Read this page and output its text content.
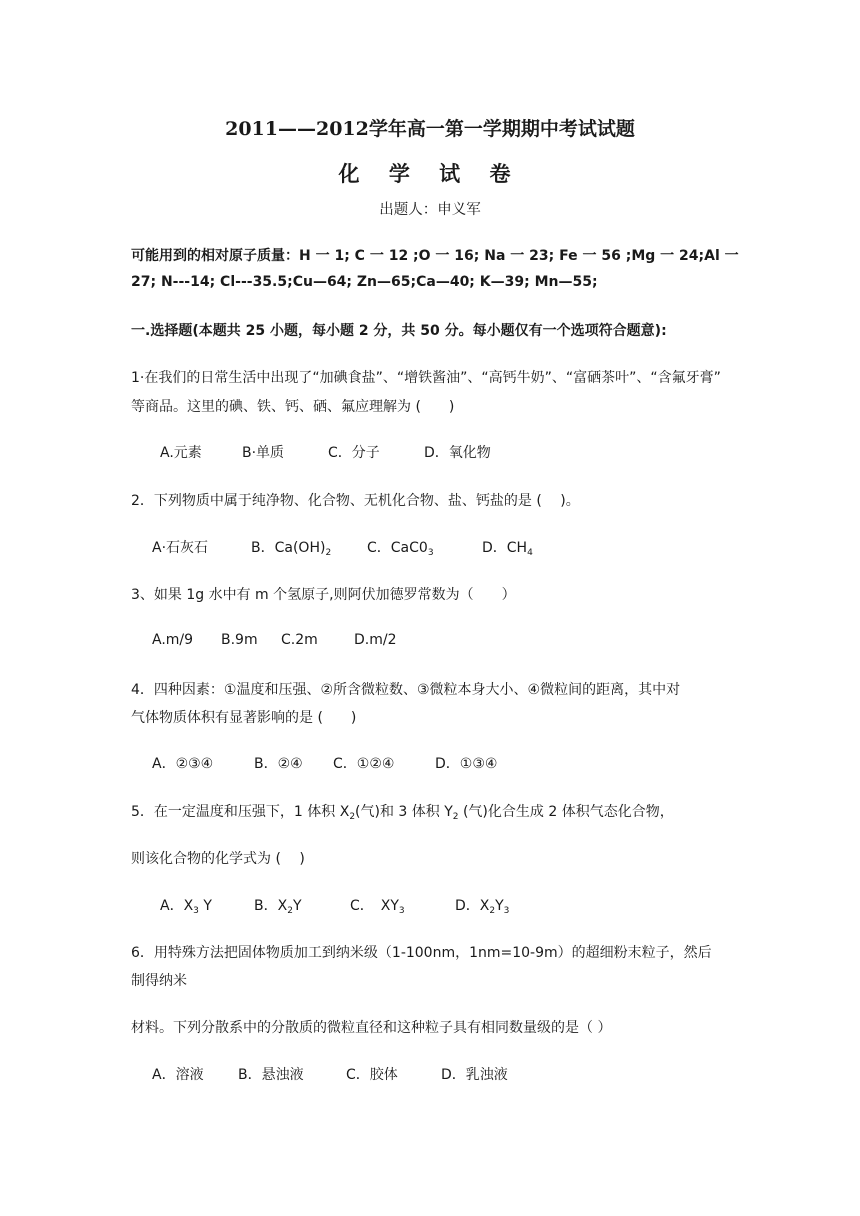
2011——2012学年高一第一学期期中考试试题
化 学 试 卷
出题人：申义军
可能用到的相对原子质量：H 一 1; C 一 12 ;O 一 16; Na 一 23; Fe 一 56 ;Mg 一 24;Al 一
27; N---14; Cl---35.5;Cu—64; Zn—65;Ca—40; K—39; Mn—55;
一.选择题(本题共 25 小题，每小题 2 分，共 50 分。每小题仅有一个选项符合题意):
1·在我们的日常生活中出现了“加碘食盐”、“增铁酱油”、“高钙牛奶”、“富硒茶叶”、“含氟牙膏”
等商品。这里的碘、铁、钙、硒、氟应理解为 (　　)
A.元素	B·单质	C．分子	D．氧化物
2．下列物质中属于纯净物、化合物、无机化合物、盐、钙盐的是 (　 )。
A·石灰石	B．$Ca(OH)_2$	C．$CaC0_3$	D．$CH_4$
3、如果 1g 水中有 m 个氢原子,则阿伏加德罗常数为（　　）
A.m/9 B.9m C.2m	D.m/2
4．四种因素：①温度和压强、②所含微粒数、③微粒本身大小、④微粒间的距离，其中对
气体物质体积有显著影响的是 (　　)
A．②③④	B．②④ C．①②④	D．①③④
5．在一定温度和压强下，1 体积 $X_2$(气)和 3 体积 $Y_2$ (气)化合生成 2 体积气态化合物，
则该化合物的化学式为 (　 )
A．$X_3$ Y	B．$X_2Y$	C．　$XY_3$	D．$X_2Y_3$
6．用特殊方法把固体物质加工到纳米级（1-100nm，1nm=10-9m）的超细粉末粒子，然后
制得纳米
材料。下列分散系中的分散质的微粒直径和这种粒子具有相同数量级的是（ ）
A．溶液 B．悬浊液	C．胶体	D．乳浊液
